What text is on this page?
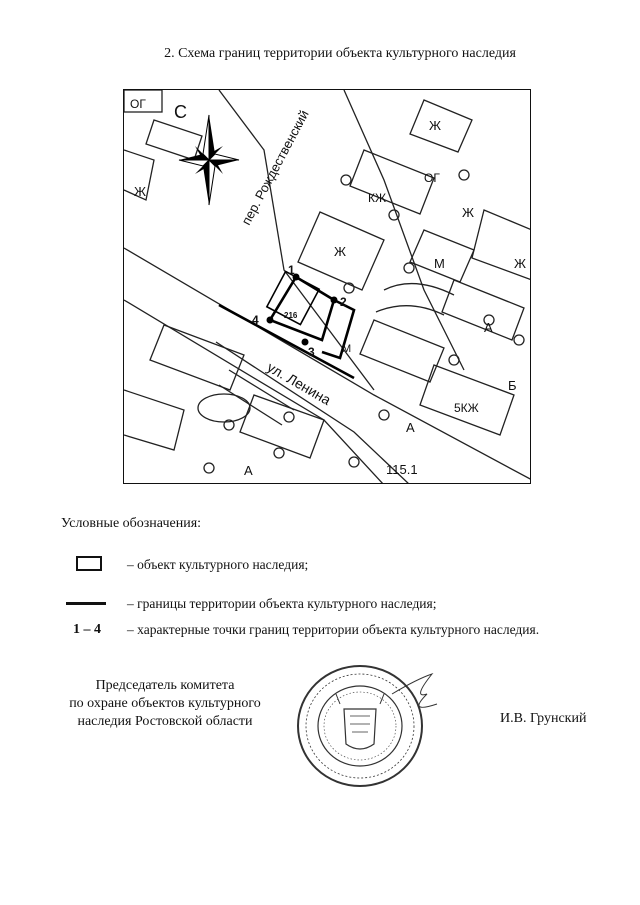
2. Схема границ территории объекта культурного наследия
С	пер. Рождественский
ул. Ленина
115.1
1
2
3
4	216
Ж
Ж
Ж
Ж
Ж	КЖ
М
М
ОГ
ОГ
5КЖ
А
А
А
Б
Условные обозначения:
– объект культурного наследия;
– границы территории объекта культурного наследия;
1 – 4 – характерные точки границ территории объекта культурного наследия.
Председатель комитета
по охране объектов культурного
наследия Ростовской области	И.В. Грунский
